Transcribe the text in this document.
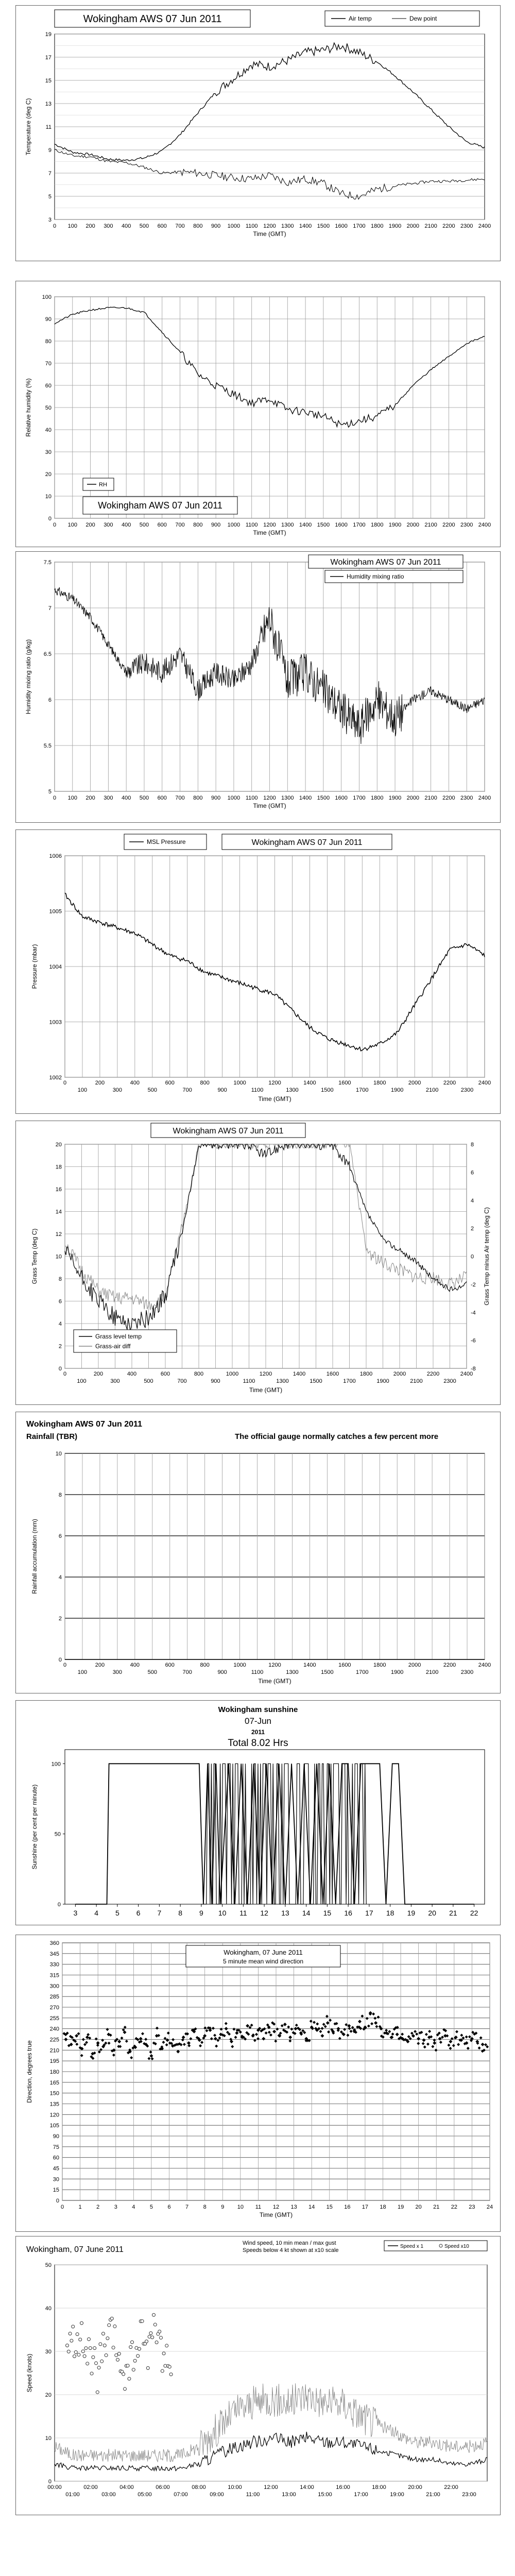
3
5
7
9
11
13
15
17
19
0 100 200 300 400 500 600 700 800 900 1000 1100 1200 1300 1400 1500 1600 1700 1800 1900 2000 2100 2200 2300 2400
Wokingham AWS 07 Jun 2011	Air temp	Dew point
Temperature (deg C)
Time (GMT)
0
10
20
30
40
50
60
70
80
90
100
0 100 200 300 400 500 600 700 800 900 1000 1100 1200 1300 1400 1500 1600 1700 1800 1900 2000 2100 2200 2300 2400
RH
Wokingham AWS 07 Jun 2011
Relative humidity (%)
Time (GMT)
5
5.5
6
6.5
7
7.5
0 100 200 300 400 500 600 700 800 900 1000 1100 1200 1300 1400 1500 1600 1700 1800 1900 2000 2100 2200 2300 2400
Wokingham AWS 07 Jun 2011
Humidity mixing ratio
Humidity mixing ratio (g/kg)
Time (GMT)
1002
1003
1004
1005
1006
0	200	400	600	800	1000	1200	1400	1600	1800	2000	2200	2400
100	300	500	700	900	1100	1300	1500	1700	1900	2100	2300
MSL Pressure	Wokingham AWS 07 Jun 2011
Pressure (mbar)
Time (GMT)
0
2
4
6
8
10
12
14
16
18
20
-8
-6
-4
-2
0
2
4
6
8
0	200	400	600	800	1000	1200	1400	1600	1800	2000	2200	2400
100	300	500	700	900	1100	1300	1500	1700	1900	2100	2300
Wokingham AWS 07 Jun 2011
Grass level temp
Grass-air diff
Grass Temp (deg C)	Grass Temp minus Air temp (deg C)
Time (GMT)
0
2
4
6
8
10
0	200	400	600	800	1000	1200	1400	1600	1800	2000	2200	2400
100	300	500	700	900	1100	1300	1500	1700	1900	2100	2300
Wokingham AWS 07 Jun 2011
Rainfall (TBR)	The official gauge normally catches a few percent more
Rainfall accumulation (mm)
Time (GMT)
0
50
100
3 4 5 6 7 8 9 10 11 12 13 14 15 16 17 18 19 20 21 22
Wokingham sunshine
07-Jun
2011
Total 8.02 Hrs
Sunshine (per cent per minute)
0
15
30
45
60
75
90
105
120
135
150
165
180
195
210
225
240
255
270
285
300
315
330
345
360
0	1	2	3	4	5	6	7	8	9 10 11 12 13 14 15 16 17 18 19 20 21 22 23 24
Wokingham, 07 June 2011
5 minute mean wind direction
Direction, degrees true
Time (GMT)
0
10
20
30
40
50
00:00	02:00	04:00	06:00	08:00	10:00	12:00	14:00	16:00	18:00	20:00	22:00
01:00	03:00	05:00	07:00	09:00	11:00	13:00	15:00	17:00	19:00	21:00	23:00
Wokingham, 07 June 2011
Wind speed, 10 min mean / max gust
Speeds below 4 kt shown at x10 scale
Speed x 1	Speed x10
Speed (knots)
